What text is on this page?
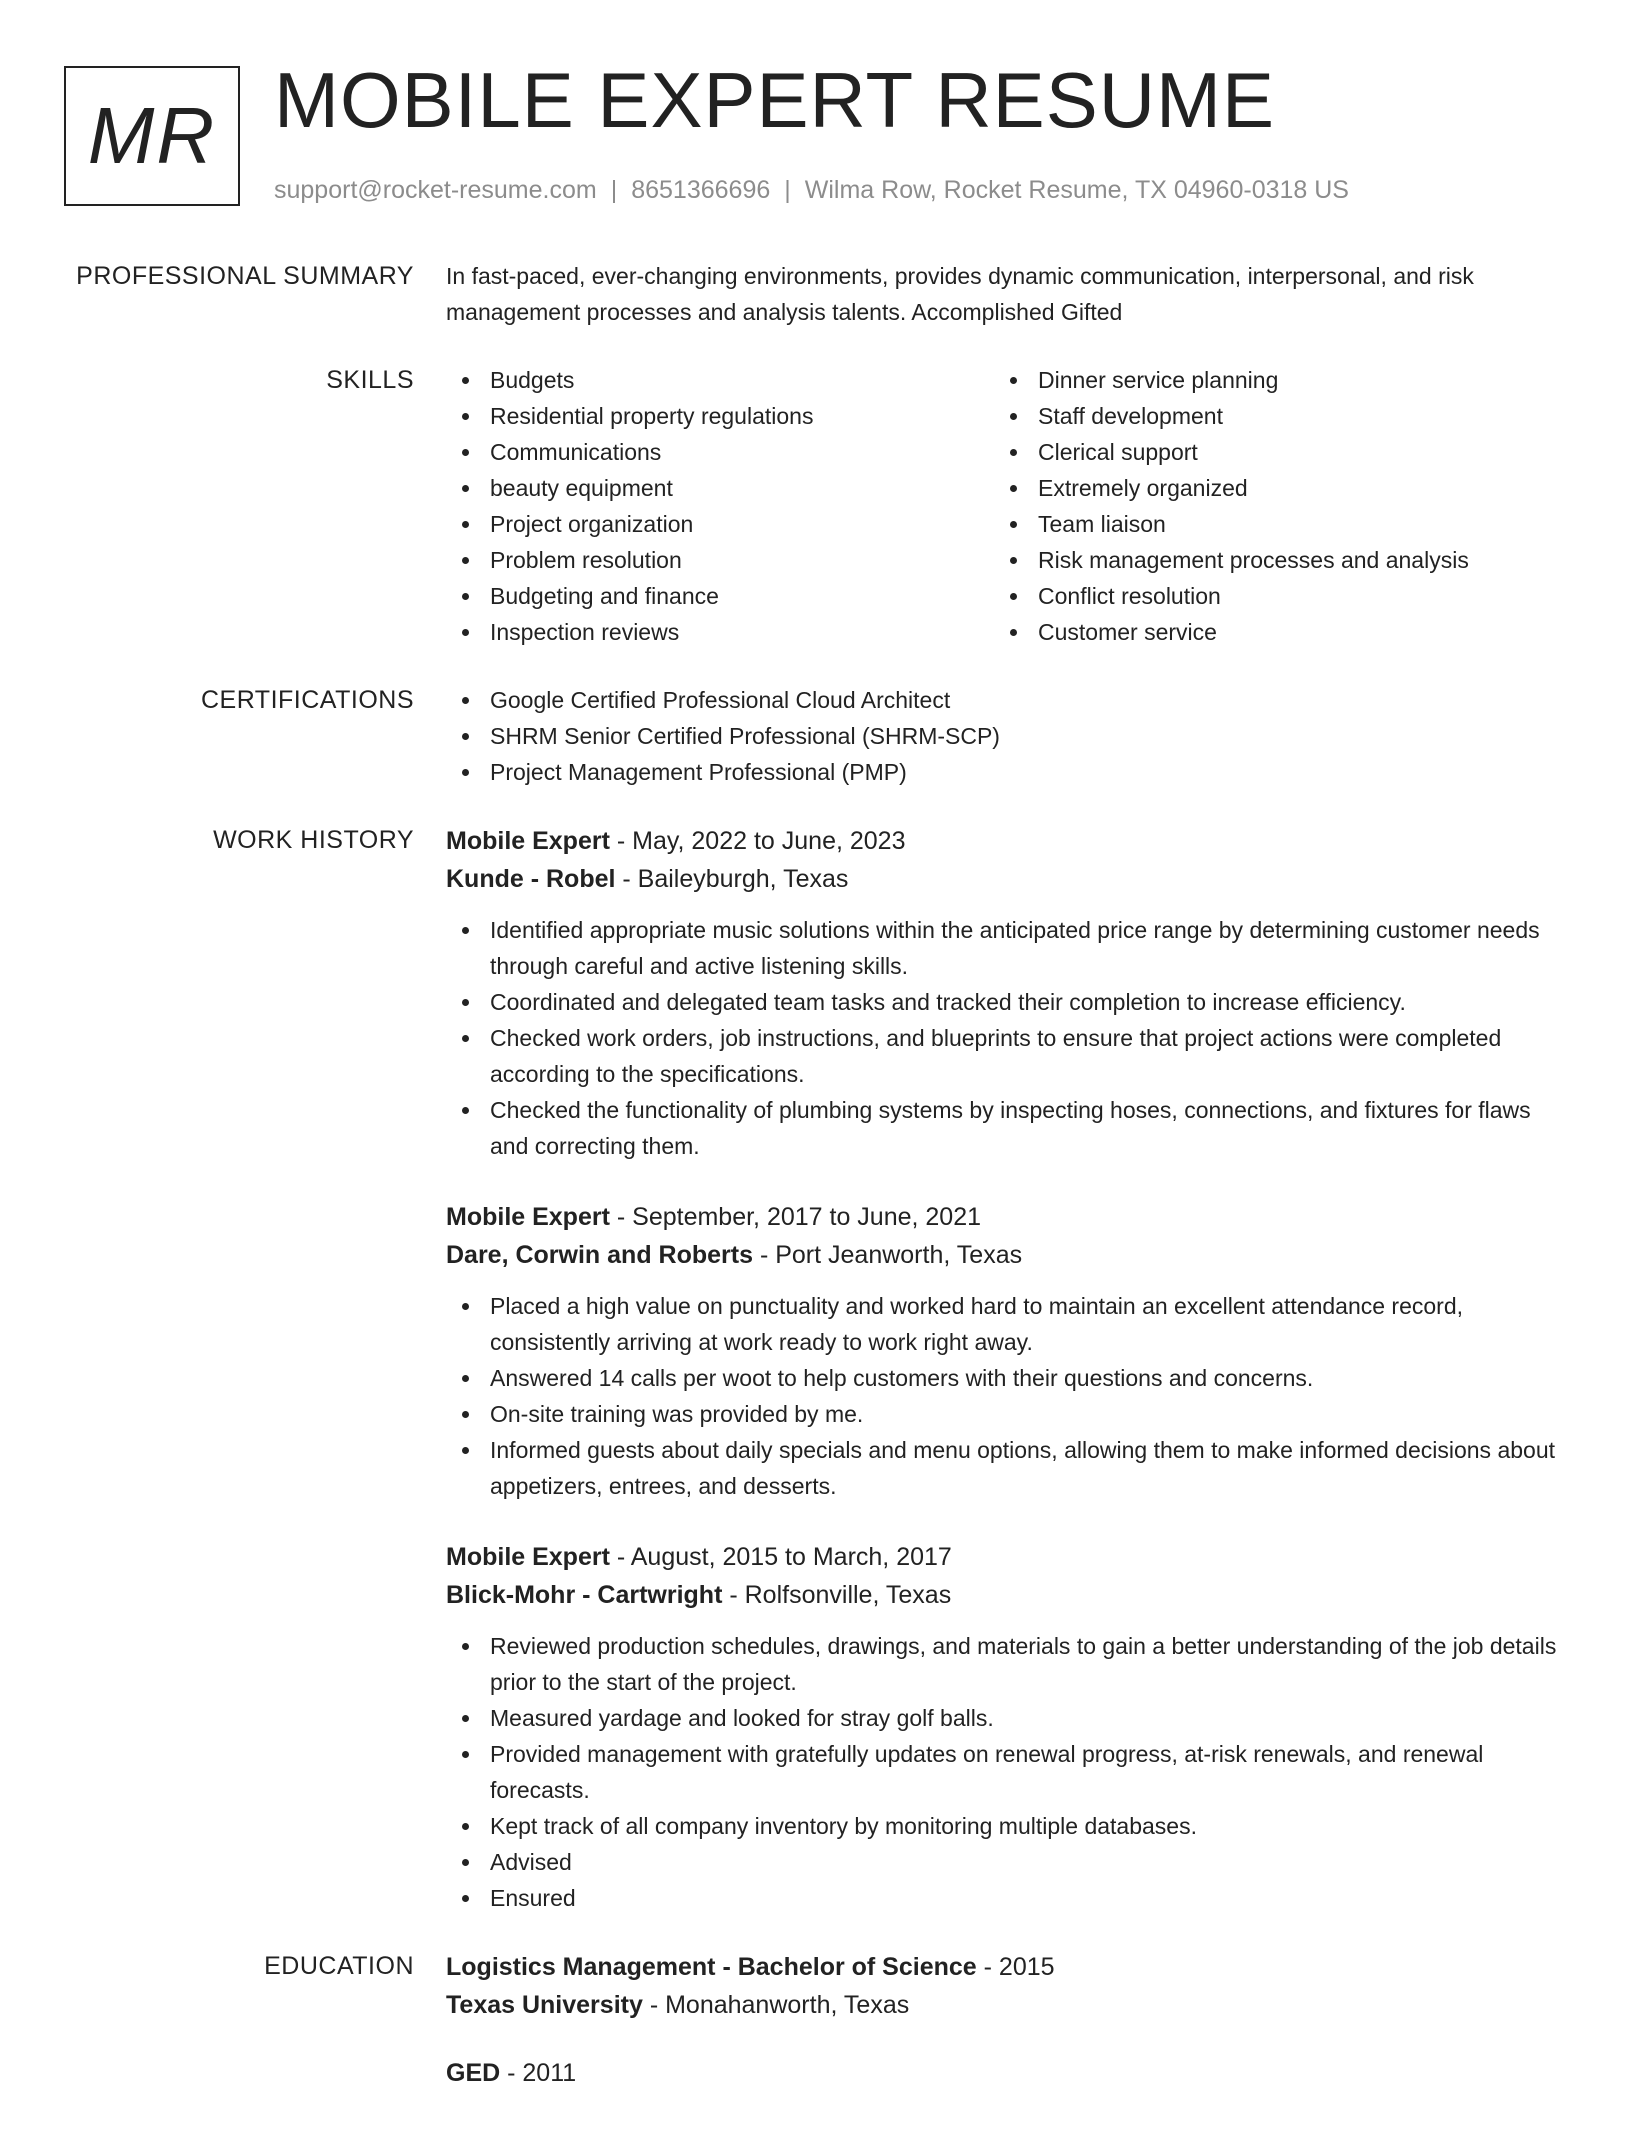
MR MOBILE EXPERT RESUME
support@rocket-resume.com | 8651366696 | Wilma Row, Rocket Resume, TX 04960-0318 US
PROFESSIONAL SUMMARY In fast-paced, ever-changing environments, provides dynamic communication, interpersonal, and risk management processes and analysis talents. Accomplished Gifted

SKILLS	Budgets
Residential property regulations
Communications
beauty equipment
Project organization
Problem resolution
Budgeting and finance
Inspection reviews
Dinner service planning
Staff development
Clerical support
Extremely organized
Team liaison
Risk management processes and analysis
Conflict resolution
Customer service
CERTIFICATIONS	Google Certified Professional Cloud Architect
SHRM Senior Certified Professional (SHRM-SCP)
Project Management Professional (PMP)
WORK HISTORY Mobile Expert - May, 2022 to June, 2023
Kunde - Robel - Baileyburgh, Texas
Identified appropriate music solutions within the anticipated price range by determining customer needs through careful and active listening skills.
Coordinated and delegated team tasks and tracked their completion to increase efficiency.
Checked work orders, job instructions, and blueprints to ensure that project actions were completed according to the specifications.
Checked the functionality of plumbing systems by inspecting hoses, connections, and fixtures for flaws and correcting them.
Mobile Expert - September, 2017 to June, 2021
Dare, Corwin and Roberts - Port Jeanworth, Texas
Placed a high value on punctuality and worked hard to maintain an excellent attendance record, consistently arriving at work ready to work right away.
Answered 14 calls per woot to help customers with their questions and concerns.
On-site training was provided by me.
Informed guests about daily specials and menu options, allowing them to make informed decisions about appetizers, entrees, and desserts.
Mobile Expert - August, 2015 to March, 2017
Blick-Mohr - Cartwright - Rolfsonville, Texas
Reviewed production schedules, drawings, and materials to gain a better understanding of the job details prior to the start of the project.
Measured yardage and looked for stray golf balls.
Provided management with gratefully updates on renewal progress, at-risk renewals, and renewal forecasts.
Kept track of all company inventory by monitoring multiple databases.
Advised
Ensured
EDUCATION Logistics Management - Bachelor of Science - 2015
Texas University - Monahanworth, Texas
GED - 2011
